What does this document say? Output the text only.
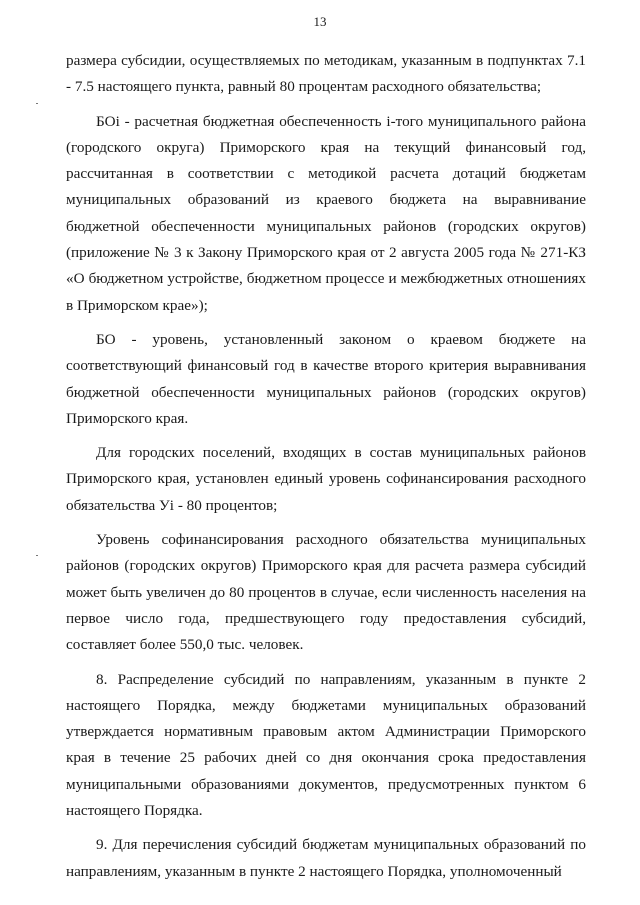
13

размера субсидии, осуществляемых по методикам, указанным в подпунктах 7.1 - 7.5 настоящего пункта, равный 80 процентам расходного обязательства;

БОi - расчетная бюджетная обеспеченность i-того муниципального района (городского округа) Приморского края на текущий финансовый год, рассчитанная в соответствии с методикой расчета дотаций бюджетам муниципальных образований из краевого бюджета на выравнивание бюджетной обеспеченности муниципальных районов (городских округов) (приложение № 3 к Закону Приморского края от 2 августа 2005 года № 271-КЗ «О бюджетном устройстве, бюджетном процессе и межбюджетных отношениях в Приморском крае»);

БО - уровень, установленный законом о краевом бюджете на соответствующий финансовый год в качестве второго критерия выравнивания бюджетной обеспеченности муниципальных районов (городских округов) Приморского края.

Для городских поселений, входящих в состав муниципальных районов Приморского края, установлен единый уровень софинансирования расходного обязательства Уi - 80 процентов;

Уровень софинансирования расходного обязательства муниципальных районов (городских округов) Приморского края для расчета размера субсидий может быть увеличен до 80 процентов в случае, если численность населения на первое число года, предшествующего году предоставления субсидий, составляет более 550,0 тыс. человек.

8. Распределение субсидий по направлениям, указанным в пункте 2 настоящего Порядка, между бюджетами муниципальных образований утверждается нормативным правовым актом Администрации Приморского края в течение 25 рабочих дней со дня окончания срока предоставления муниципальными образованиями документов, предусмотренных пунктом 6 настоящего Порядка.

9. Для перечисления субсидий бюджетам муниципальных образований по направлениям, указанным в пункте 2 настоящего Порядка, уполномоченный
